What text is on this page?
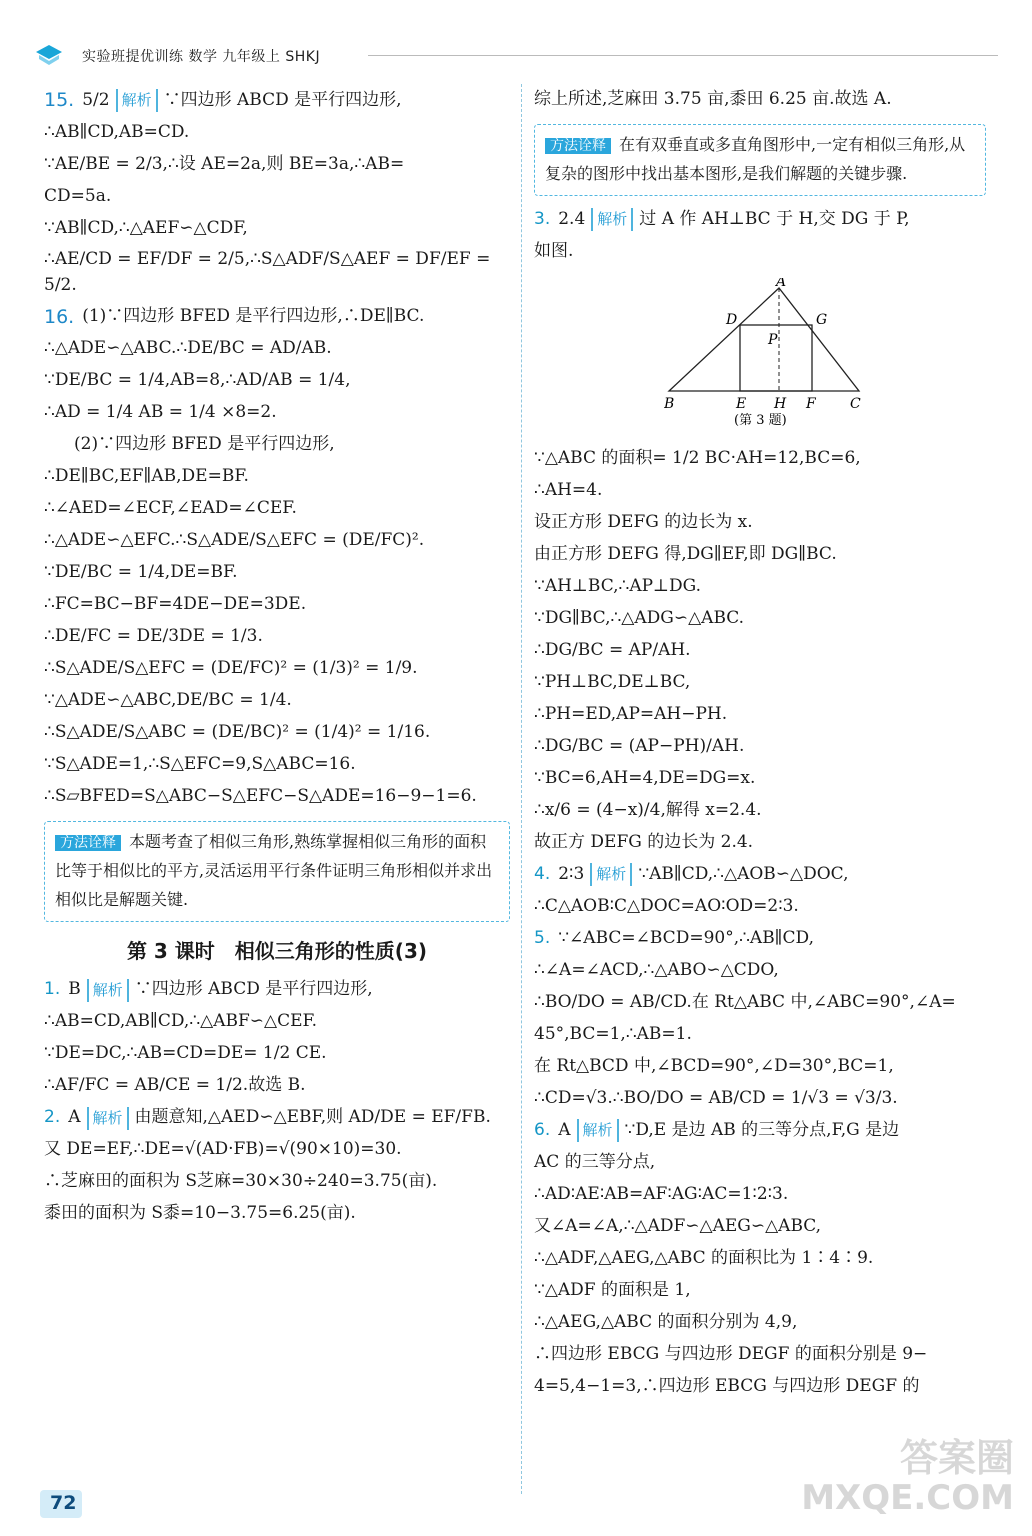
实验班提优训练 数学 九年级上 SHKJ
15. 5/2 解析 ∵四边形 ABCD 是平行四边形,
∴AB∥CD,AB=CD.
∵AE/BE = 2/3,∴设 AE=2a,则 BE=3a,∴AB=
CD=5a.
∵AB∥CD,∴△AEF∽△CDF,
∴AE/CD = EF/DF = 2/5,∴S△ADF/S△AEF = DF/EF = 5/2.
16. (1)∵四边形 BFED 是平行四边形,∴DE∥BC.
∴△ADE∽△ABC.∴DE/BC = AD/AB.
∵DE/BC = 1/4,AB=8,∴AD/AB = 1/4,
∴AD = 1/4 AB = 1/4 ×8=2.
(2)∵四边形 BFED 是平行四边形,
∴DE∥BC,EF∥AB,DE=BF.
∴∠AED=∠ECF,∠EAD=∠CEF.
∴△ADE∽△EFC.∴S△ADE/S△EFC = (DE/FC)².
∵DE/BC = 1/4,DE=BF.
∴FC=BC−BF=4DE−DE=3DE.
∴DE/FC = DE/3DE = 1/3.
∴S△ADE/S△EFC = (DE/FC)² = (1/3)² = 1/9.
∵△ADE∽△ABC,DE/BC = 1/4.
∴S△ADE/S△ABC = (DE/BC)² = (1/4)² = 1/16.
∵S△ADE=1,∴S△EFC=9,S△ABC=16.
∴S▱BFED=S△ABC−S△EFC−S△ADE=16−9−1=6.
方法诠释 本题考查了相似三角形,熟练掌握相似三角形的面积比等于相似比的平方,灵活运用平行条件证明三角形相似并求出相似比是解题关键.
第 3 课时　相似三角形的性质(3)
1. B 解析 ∵四边形 ABCD 是平行四边形,
∴AB=CD,AB∥CD,∴△ABF∽△CEF.
∵DE=DC,∴AB=CD=DE= 1/2 CE.
∴AF/FC = AB/CE = 1/2.故选 B.
2. A 解析 由题意知,△AED∽△EBF,则 AD/DE = EF/FB.
又 DE=EF,∴DE=√(AD·FB)=√(90×10)=30.
∴芝麻田的面积为 S芝麻=30×30÷240=3.75(亩).
黍田的面积为 S黍=10−3.75=6.25(亩).
综上所述,芝麻田 3.75 亩,黍田 6.25 亩.故选 A.
方法诠释 在有双垂直或多直角图形中,一定有相似三角形,从复杂的图形中找出基本图形,是我们解题的关键步骤.
3. 2.4 解析 过 A 作 AH⊥BC 于 H,交 DG 于 P,
如图.
A
B	C
D
E	F
G
H
P
(第 3 题)
∵△ABC 的面积= 1/2 BC·AH=12,BC=6,
∴AH=4.
设正方形 DEFG 的边长为 x.
由正方形 DEFG 得,DG∥EF,即 DG∥BC.
∵AH⊥BC,∴AP⊥DG.
∵DG∥BC,∴△ADG∽△ABC.
∴DG/BC = AP/AH.
∵PH⊥BC,DE⊥BC,
∴PH=ED,AP=AH−PH.
∴DG/BC = (AP−PH)/AH.
∵BC=6,AH=4,DE=DG=x.
∴x/6 = (4−x)/4,解得 x=2.4.
故正方 DEFG 的边长为 2.4.
4. 2∶3 解析 ∵AB∥CD,∴△AOB∽△DOC,
∴C△AOB∶C△DOC=AO∶OD=2∶3.
5. ∵∠ABC=∠BCD=90°,∴AB∥CD,
∴∠A=∠ACD,∴△ABO∽△CDO,
∴BO/DO = AB/CD.在 Rt△ABC 中,∠ABC=90°,∠A=
45°,BC=1,∴AB=1.
在 Rt△BCD 中,∠BCD=90°,∠D=30°,BC=1,
∴CD=√3.∴BO/DO = AB/CD = 1/√3 = √3/3.
6. A 解析 ∵D,E 是边 AB 的三等分点,F,G 是边
AC 的三等分点,
∴AD∶AE∶AB=AF∶AG∶AC=1∶2∶3.
又∠A=∠A,∴△ADF∽△AEG∽△ABC,
∴△ADF,△AEG,△ABC 的面积比为 1∶4∶9.
∵△ADF 的面积是 1,
∴△AEG,△ABC 的面积分别为 4,9,
∴四边形 EBCG 与四边形 DEGF 的面积分别是 9−
4=5,4−1=3,∴四边形 EBCG 与四边形 DEGF 的
72
答案圈
MXQE.COM
